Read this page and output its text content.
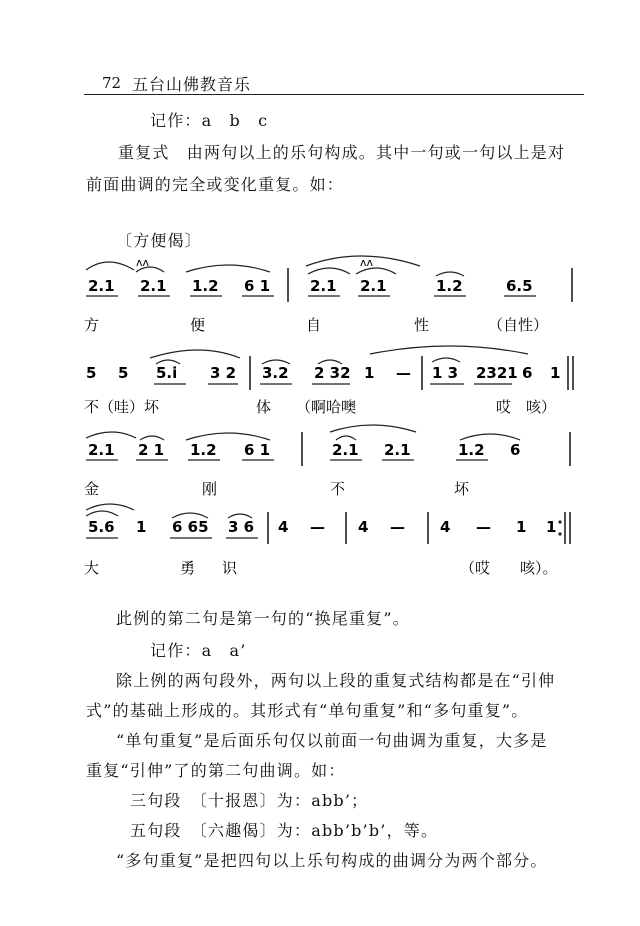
72 五台山佛教音乐
记作：a　b　c
重复式　由两句以上的乐句构成。其中一句或一句以上是对
前面曲调的完全或变化重复。如：
〔方便偈〕
ʌʌ	ʌʌ
2.1 2.1 1.2 6 1	2.1 2.1	1.2	6.5
方	便	自	性	（自性）
5 5 5.i 3 2 3.2 2 32 1 — 1 3 2321 6 1
不（哇）坏	体 （啊哈噢	哎　咳）
2.1 2 1 1.2 6 1	2.1 2.1	1.2 6
金	刚	不	坏
5.6 1 6 65 3 6 4 — 4 — 4 — 1 1
大	勇 识	（哎 咳）。
此例的第二句是第一句的“换尾重复”。
记作：a　a’
除上例的两句段外，两句以上段的重复式结构都是在“引伸
式”的基础上形成的。其形式有“单句重复”和“多句重复”。
“单句重复”是后面乐句仅以前面一句曲调为重复，大多是
重复“引伸”了的第二句曲调。如：
三句段　〔十报恩〕为：abb’；
五句段　〔六趣偈〕为：abb’b’b’，等。
“多句重复”是把四句以上乐句构成的曲调分为两个部分。
